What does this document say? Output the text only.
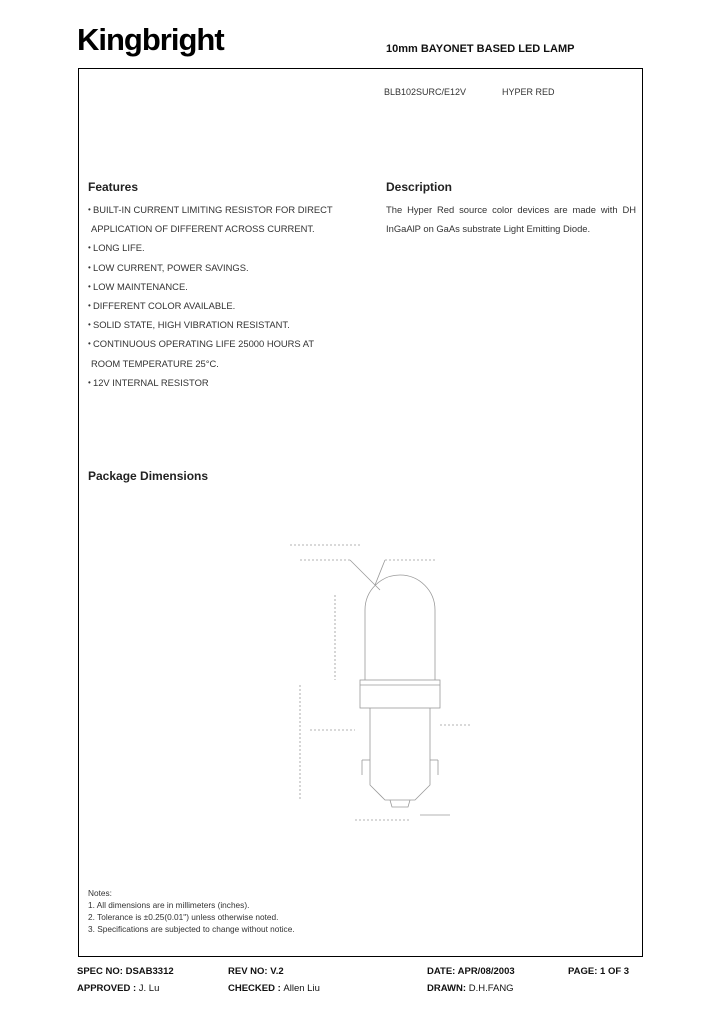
Kingbright	10mm BAYONET BASED LED LAMP
BLB102SURC/E12V	HYPER RED
Features
• BUILT-IN CURRENT LIMITING RESISTOR FOR DIRECT
APPLICATION OF DIFFERENT ACROSS CURRENT.
• LONG LIFE.
• LOW CURRENT, POWER SAVINGS.
• LOW MAINTENANCE.
• DIFFERENT COLOR AVAILABLE.
• SOLID STATE, HIGH VIBRATION RESISTANT.
• CONTINUOUS OPERATING LIFE 25000 HOURS AT
ROOM TEMPERATURE 25°C.
• 12V INTERNAL RESISTOR
Description
The Hyper Red source color devices are made with DH InGaAlP on GaAs substrate Light Emitting Diode.
Package Dimensions
Notes:
1. All dimensions are in millimeters (inches).
2. Tolerance is ±0.25(0.01") unless otherwise noted.
3. Specifications are subjected to change without notice.
SPEC NO: DSAB3312	REV NO: V.2	DATE: APR/08/2003	PAGE: 1 OF 3
APPROVED : J. Lu	CHECKED : Allen Liu	DRAWN: D.H.FANG
